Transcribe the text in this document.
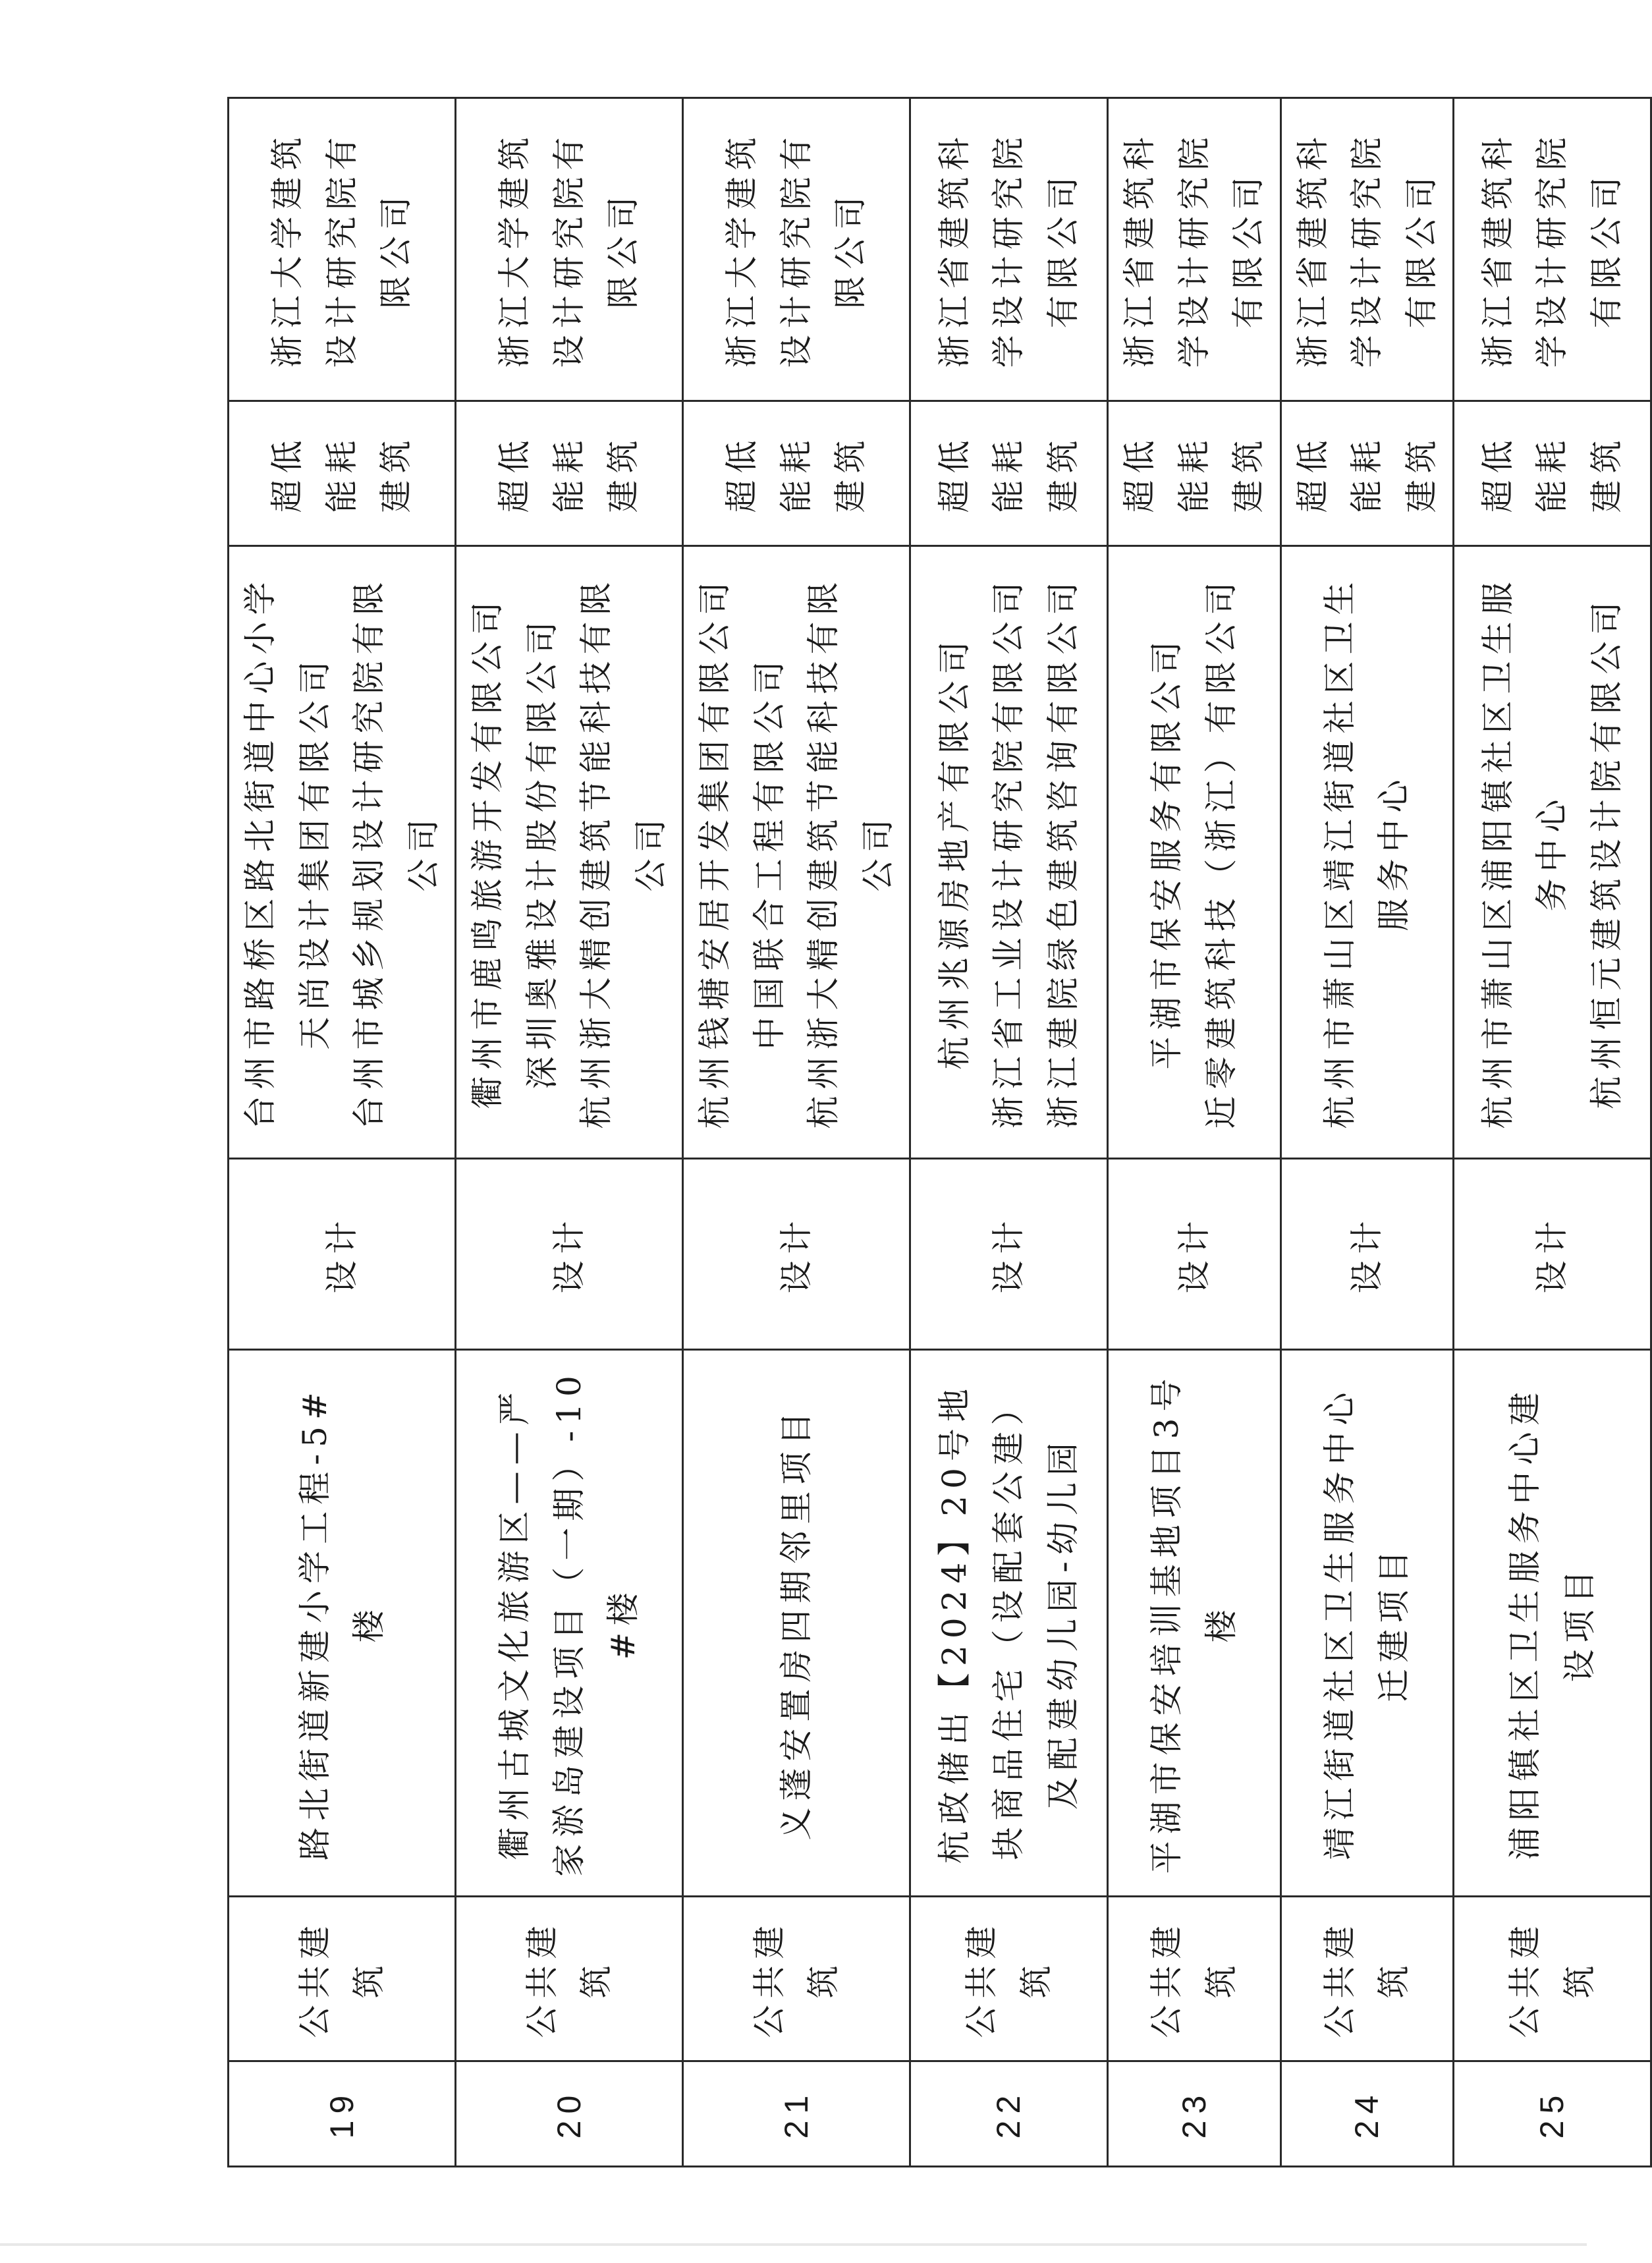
19	公共建筑	路北街道新建小学工程-5#楼	设计	台州市路桥区路北街道中心小学 天尚设计集团有限公司 台州市城乡规划设计研究院有限公司	超低能耗建筑	浙江大学建筑设计研究院有限公司
20	公共建筑	衢州古城文化旅游区——严家淤岛建设项目（一期）-10#楼	设计	衢州市鹿鸣旅游开发有限公司 深圳奥雅设计股份有限公司 杭州浙大精创建筑节能科技有限公司	超低能耗建筑	浙江大学建筑设计研究院有限公司
21	公共建筑	义蓬安置房四期邻里项目	设计	杭州钱塘安居开发集团有限公司 中国联合工程有限公司 杭州浙大精创建筑节能科技有限公司	超低能耗建筑	浙江大学建筑设计研究院有限公司
22	公共建筑	杭政储出【2024】20号地块商品住宅（设配套公建）及配建幼儿园-幼儿园	设计	杭州兆源房地产有限公司 浙江省工业设计研究院有限公司 浙江建院绿色建筑咨询有限公司	超低能耗建筑	浙江省建筑科学设计研究院有限公司
23	公共建筑	平湖市保安培训基地项目3号楼	设计	平湖市保安服务有限公司 近零建筑科技（浙江）有限公司	超低能耗建筑	浙江省建筑科学设计研究院有限公司
24	公共建筑	靖江街道社区卫生服务中心迁建项目	设计	杭州市萧山区靖江街道社区卫生服务中心	超低能耗建筑	浙江省建筑科学设计研究院有限公司
25	公共建筑	浦阳镇社区卫生服务中心建设项目	设计	杭州市萧山区浦阳镇社区卫生服务中心 杭州恒元建筑设计院有限公司	超低能耗建筑	浙江省建筑科学设计研究院有限公司
